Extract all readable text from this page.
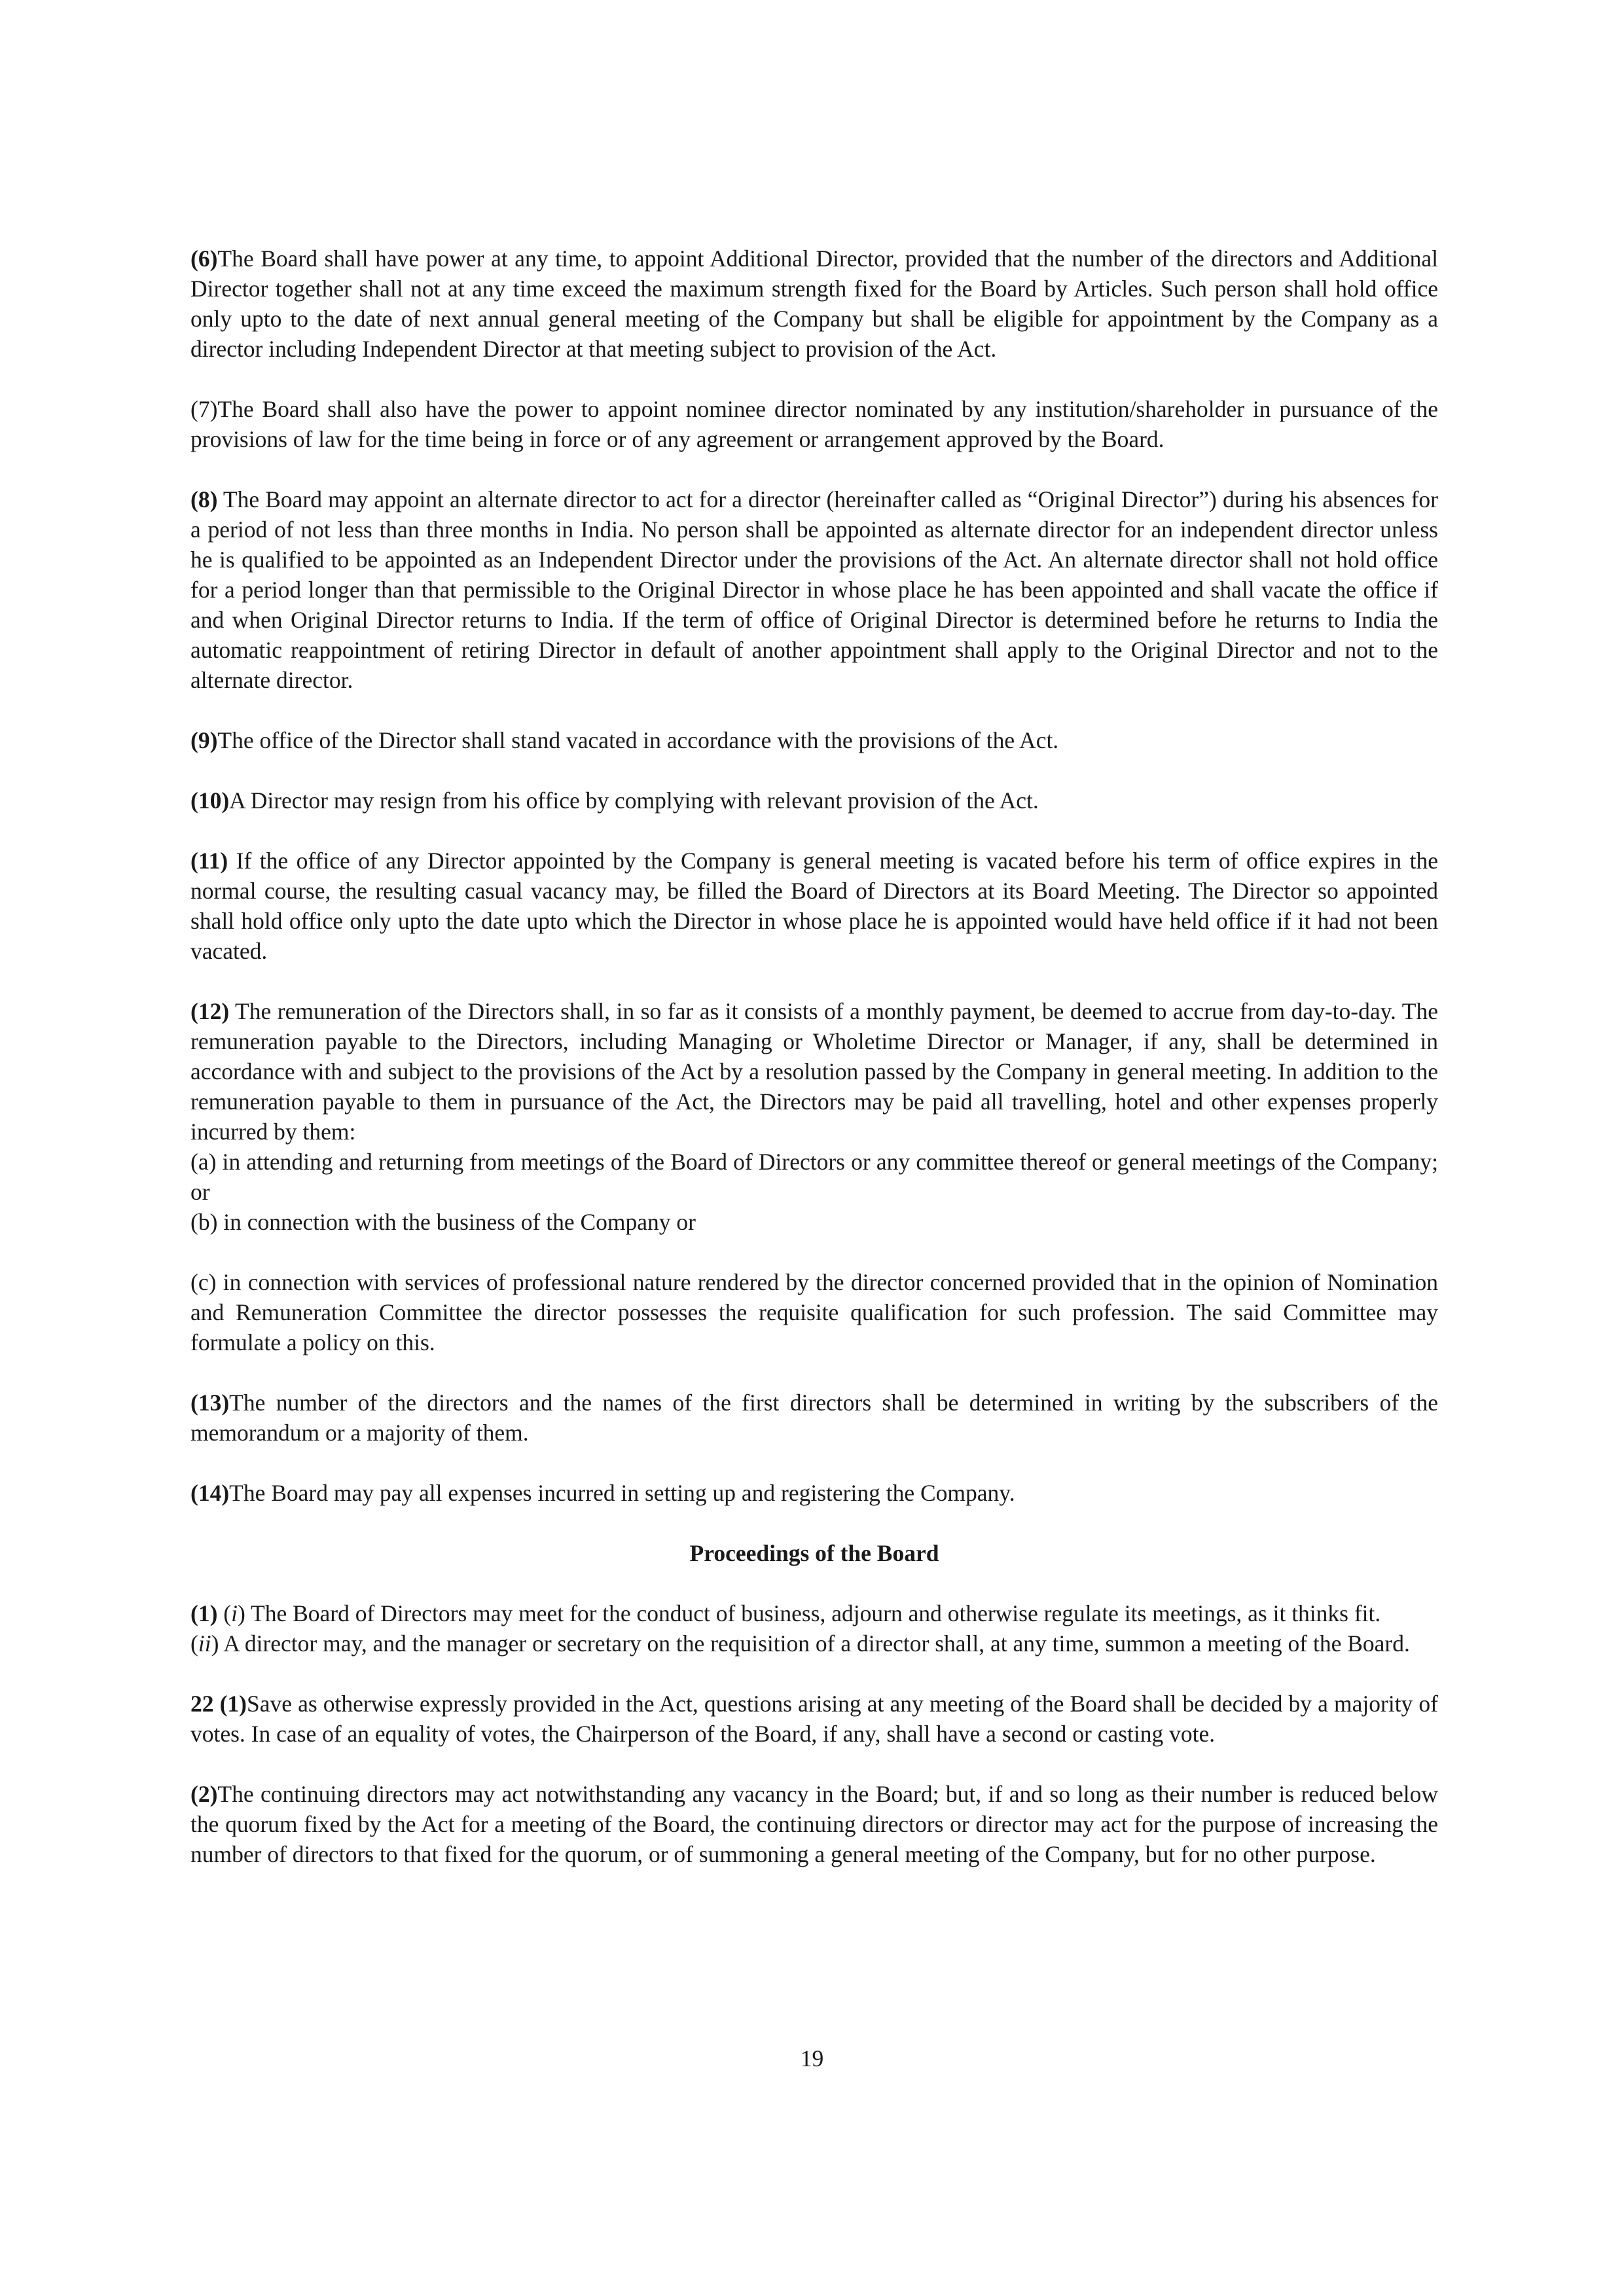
(6)The Board shall have power at any time, to appoint Additional Director, provided that the number of the directors and Additional Director together shall not at any time exceed the maximum strength fixed for the Board by Articles. Such person shall hold office only upto to the date of next annual general meeting of the Company but shall be eligible for appointment by the Company as a director including Independent Director at that meeting subject to provision of the Act.

(7)The Board shall also have the power to appoint nominee director nominated by any institution/shareholder in pursuance of the provisions of law for the time being in force or of any agreement or arrangement approved by the Board.

(8) The Board may appoint an alternate director to act for a director (hereinafter called as “Original Director”) during his absences for a period of not less than three months in India. No person shall be appointed as alternate director for an independent director unless he is qualified to be appointed as an Independent Director under the provisions of the Act. An alternate director shall not hold office for a period longer than that permissible to the Original Director in whose place he has been appointed and shall vacate the office if and when Original Director returns to India. If the term of office of Original Director is determined before he returns to India the automatic reappointment of retiring Director in default of another appointment shall apply to the Original Director and not to the alternate director.

(9)The office of the Director shall stand vacated in accordance with the provisions of the Act.

(10)A Director may resign from his office by complying with relevant provision of the Act.

(11) If the office of any Director appointed by the Company is general meeting is vacated before his term of office expires in the normal course, the resulting casual vacancy may, be filled the Board of Directors at its Board Meeting. The Director so appointed shall hold office only upto the date upto which the Director in whose place he is appointed would have held office if it had not been vacated.

(12) The remuneration of the Directors shall, in so far as it consists of a monthly payment, be deemed to accrue from day-to-day. The remuneration payable to the Directors, including Managing or Wholetime Director or Manager, if any, shall be determined in accordance with and subject to the provisions of the Act by a resolution passed by the Company in general meeting. In addition to the remuneration payable to them in pursuance of the Act, the Directors may be paid all travelling, hotel and other expenses properly incurred by them:
(a) in attending and returning from meetings of the Board of Directors or any committee thereof or general meetings of the Company; or
(b) in connection with the business of the Company or

(c) in connection with services of professional nature rendered by the director concerned provided that in the opinion of Nomination and Remuneration Committee the director possesses the requisite qualification for such profession. The said Committee may formulate a policy on this.

(13)The number of the directors and the names of the first directors shall be determined in writing by the subscribers of the memorandum or a majority of them.

(14)The Board may pay all expenses incurred in setting up and registering the Company.

Proceedings of the Board

(1) (i) The Board of Directors may meet for the conduct of business, adjourn and otherwise regulate its meetings, as it thinks fit.
(ii) A director may, and the manager or secretary on the requisition of a director shall, at any time, summon a meeting of the Board.

22 (1)Save as otherwise expressly provided in the Act, questions arising at any meeting of the Board shall be decided by a majority of votes. In case of an equality of votes, the Chairperson of the Board, if any, shall have a second or casting vote.

(2)The continuing directors may act notwithstanding any vacancy in the Board; but, if and so long as their number is reduced below the quorum fixed by the Act for a meeting of the Board, the continuing directors or director may act for the purpose of increasing the number of directors to that fixed for the quorum, or of summoning a general meeting of the Company, but for no other purpose.

19
